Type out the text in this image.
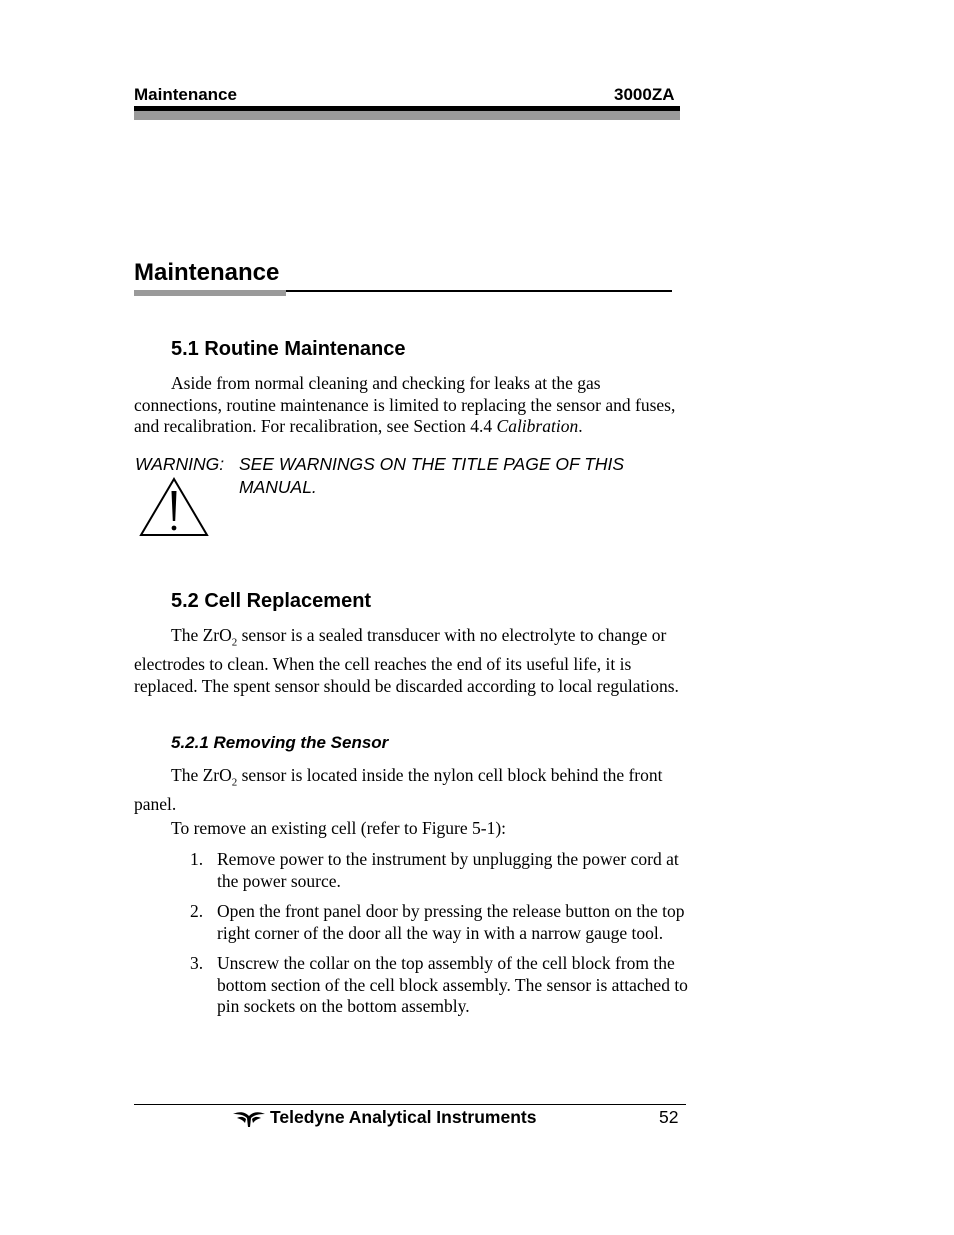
Maintenance	3000ZA
Maintenance
5.1 Routine Maintenance
Aside from normal cleaning and checking for leaks at the gas connections, routine maintenance is limited to replacing the sensor and fuses, and recalibration. For recalibration, see Section 4.4 Calibration.
WARNING: SEE WARNINGS ON THE TITLE PAGE OF THIS MANUAL.
5.2 Cell Replacement
The ZrO$_2$ sensor is a sealed transducer with no electrolyte to change or electrodes to clean. When the cell reaches the end of its useful life, it is replaced. The spent sensor should be discarded according to local regulations.
5.2.1 Removing the Sensor
The ZrO$_2$ sensor is located inside the nylon cell block behind the front panel.
To remove an existing cell (refer to Figure 5-1):
1. Remove power to the instrument by unplugging the power cord at the power source.
2. Open the front panel door by pressing the release button on the top right corner of the door all the way in with a narrow gauge tool.
3. Unscrew the collar on the top assembly of the cell block from the bottom section of the cell block assembly. The sensor is attached to pin sockets on the bottom assembly.
Teledyne Analytical Instruments	52
